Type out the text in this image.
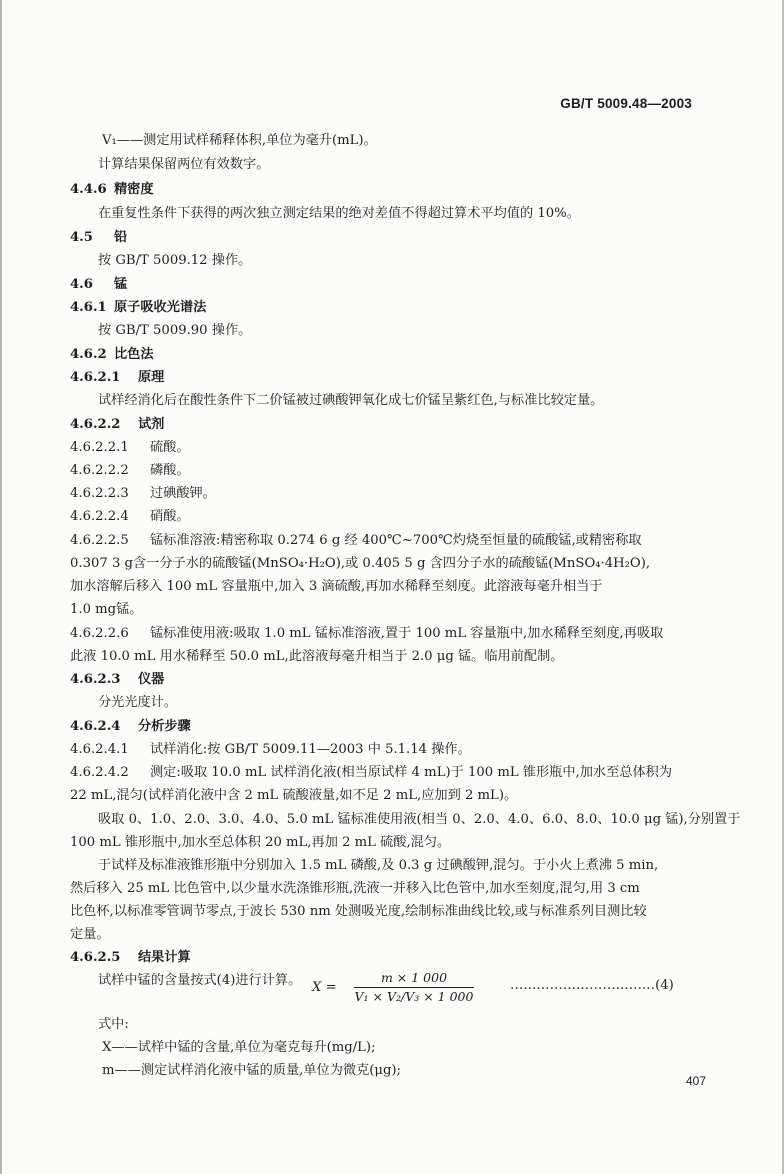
GB/T 5009.48—2003
V₁——测定用试样稀释体积,单位为毫升(mL)。
计算结果保留两位有效数字。
4.4.6 精密度
在重复性条件下获得的两次独立测定结果的绝对差值不得超过算术平均值的 10%。
4.5 铅
按 GB/T 5009.12 操作。
4.6 锰
4.6.1 原子吸收光谱法
按 GB/T 5009.90 操作。
4.6.2 比色法
4.6.2.1 原理
试样经消化后在酸性条件下二价锰被过碘酸钾氧化成七价锰呈紫红色,与标准比较定量。
4.6.2.2 试剂
4.6.2.2.1 硫酸。
4.6.2.2.2 磷酸。
4.6.2.2.3 过碘酸钾。
4.6.2.2.4 硝酸。
4.6.2.2.5 锰标准溶液:精密称取 0.274 6 g 经 400℃~700℃灼烧至恒量的硫酸锰,或精密称取
0.307 3 g含一分子水的硫酸锰(MnSO₄·H₂O),或 0.405 5 g 含四分子水的硫酸锰(MnSO₄·4H₂O),
加水溶解后移入 100 mL 容量瓶中,加入 3 滴硫酸,再加水稀释至刻度。此溶液每毫升相当于
1.0 mg锰。
4.6.2.2.6 锰标准使用液:吸取 1.0 mL 锰标准溶液,置于 100 mL 容量瓶中,加水稀释至刻度,再吸取
此液 10.0 mL 用水稀释至 50.0 mL,此溶液每毫升相当于 2.0 μg 锰。临用前配制。
4.6.2.3 仪器
分光光度计。
4.6.2.4 分析步骤
4.6.2.4.1 试样消化:按 GB/T 5009.11—2003 中 5.1.14 操作。
4.6.2.4.2 测定:吸取 10.0 mL 试样消化液(相当原试样 4 mL)于 100 mL 锥形瓶中,加水至总体积为
22 mL,混匀(试样消化液中含 2 mL 硫酸液量,如不足 2 mL,应加到 2 mL)。
吸取 0、1.0、2.0、3.0、4.0、5.0 mL 锰标准使用液(相当 0、2.0、4.0、6.0、8.0、10.0 μg 锰),分别置于
100 mL 锥形瓶中,加水至总体积 20 mL,再加 2 mL 硫酸,混匀。
于试样及标准液锥形瓶中分别加入 1.5 mL 磷酸,及 0.3 g 过碘酸钾,混匀。于小火上煮沸 5 min,
然后移入 25 mL 比色管中,以少量水洗涤锥形瓶,洗液一并移入比色管中,加水至刻度,混匀,用 3 cm
比色杯,以标准零管调节零点,于波长 530 nm 处测吸光度,绘制标准曲线比较,或与标准系列目测比较
定量。
4.6.2.5 结果计算
试样中锰的含量按式(4)进行计算。 X =
m × 1 000
V₁ × V₂/V₃ × 1 000
……………………………(4)
式中:
X——试样中锰的含量,单位为毫克每升(mg/L);
m——测定试样消化液中锰的质量,单位为微克(μg);
407
